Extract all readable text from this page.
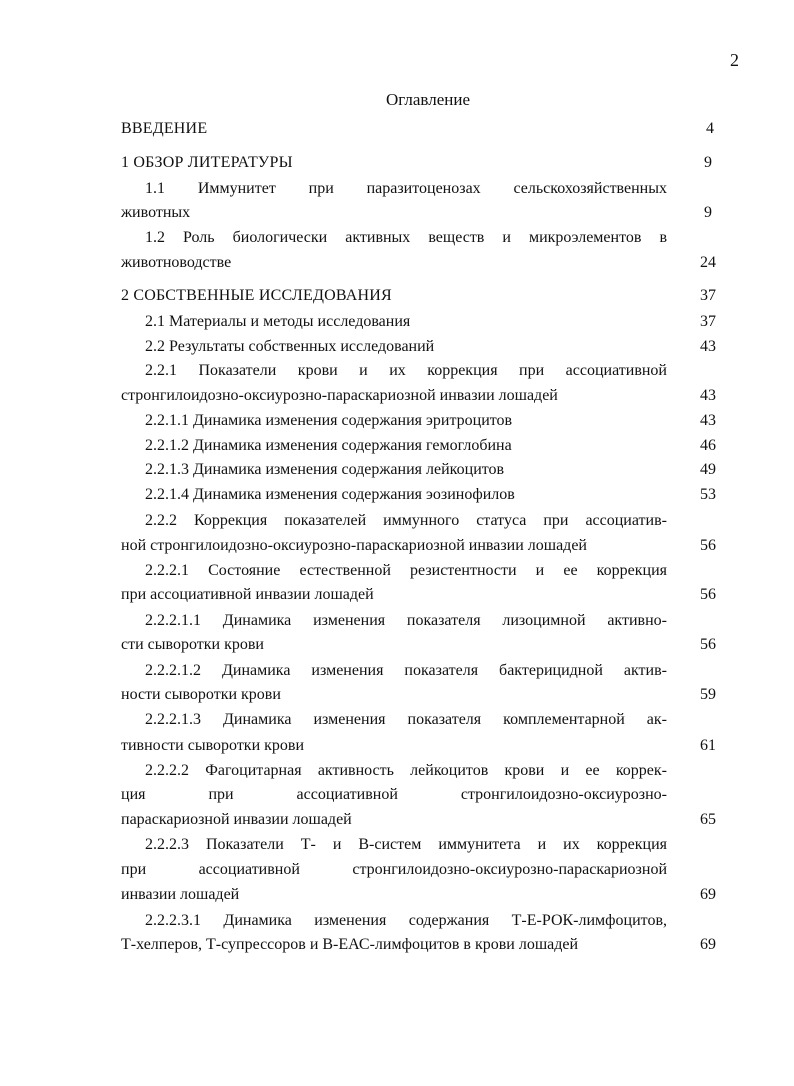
2
Оглавление
ВВЕДЕНИЕ	4
1 ОБЗОР ЛИТЕРАТУРЫ	9
1.1 Иммунитет при паразитоценозах сельскохозяйственных
животных	9
1.2 Роль биологически активных веществ и микроэлементов в
животноводстве	24
2 СОБСТВЕННЫЕ ИССЛЕДОВАНИЯ	37
2.1 Материалы и методы исследования	37
2.2 Результаты собственных исследований	43
2.2.1 Показатели крови и их коррекция при ассоциативной
стронгилоидозно-оксиурозно-параскариозной инвазии лошадей	43
2.2.1.1 Динамика изменения содержания эритроцитов	43
2.2.1.2 Динамика изменения содержания гемоглобина	46
2.2.1.3 Динамика изменения содержания лейкоцитов	49
2.2.1.4 Динамика изменения содержания эозинофилов	53
2.2.2 Коррекция показателей иммунного статуса при ассоциатив-
ной стронгилоидозно-оксиурозно-параскариозной инвазии лошадей	56
2.2.2.1 Состояние естественной резистентности и ее коррекция
при ассоциативной инвазии лошадей	56
2.2.2.1.1 Динамика изменения показателя лизоцимной активно-
сти сыворотки крови	56
2.2.2.1.2 Динамика изменения показателя бактерицидной актив-
ности сыворотки крови	59
2.2.2.1.3 Динамика изменения показателя комплементарной ак-
тивности сыворотки крови	61
2.2.2.2 Фагоцитарная активность лейкоцитов крови и ее коррек-
ция при ассоциативной стронгилоидозно-оксиурозно-
параскариозной инвазии лошадей	65
2.2.2.3 Показатели Т- и В-систем иммунитета и их коррекция
при ассоциативной стронгилоидозно-оксиурозно-параскариозной
инвазии лошадей	69
2.2.2.3.1 Динамика изменения содержания Т-Е-РОК-лимфоцитов,
Т-хелперов, Т-супрессоров и В-ЕАС-лимфоцитов в крови лошадей	69
